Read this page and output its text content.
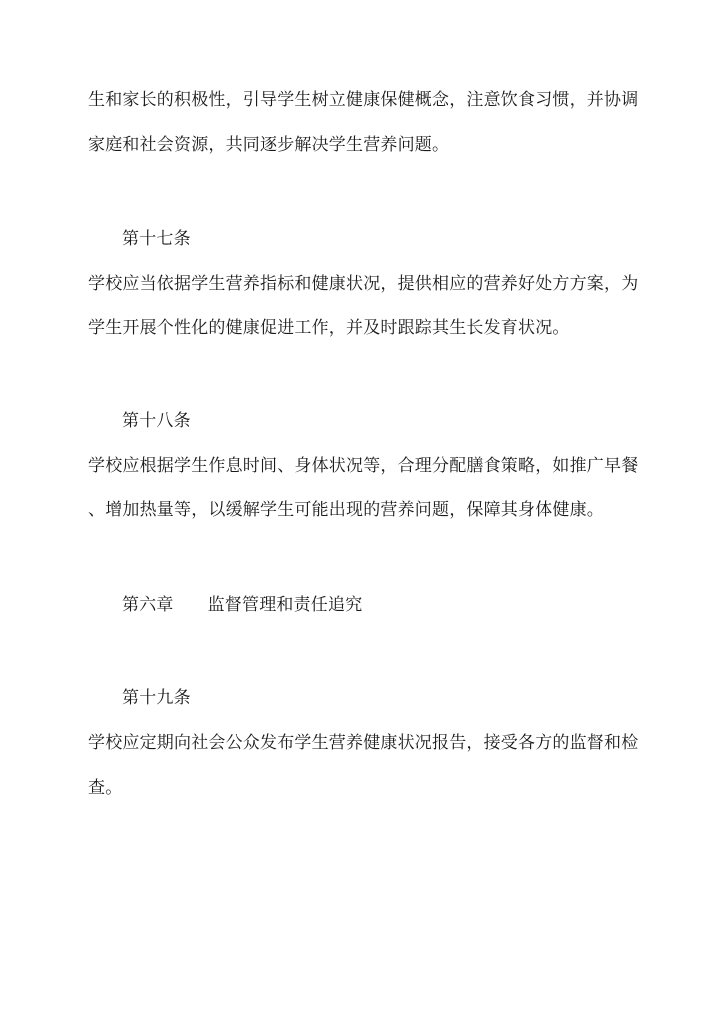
生和家长的积极性，引导学生树立健康保健概念，注意饮食习惯，并协调
家庭和社会资源，共同逐步解决学生营养问题。
第十七条
学校应当依据学生营养指标和健康状况，提供相应的营养好处方方案，为
学生开展个性化的健康促进工作，并及时跟踪其生长发育状况。
第十八条
学校应根据学生作息时间、身体状况等，合理分配膳食策略，如推广早餐
、增加热量等，以缓解学生可能出现的营养问题，保障其身体健康。
第六章 监督管理和责任追究
第十九条
学校应定期向社会公众发布学生营养健康状况报告，接受各方的监督和检
查。
